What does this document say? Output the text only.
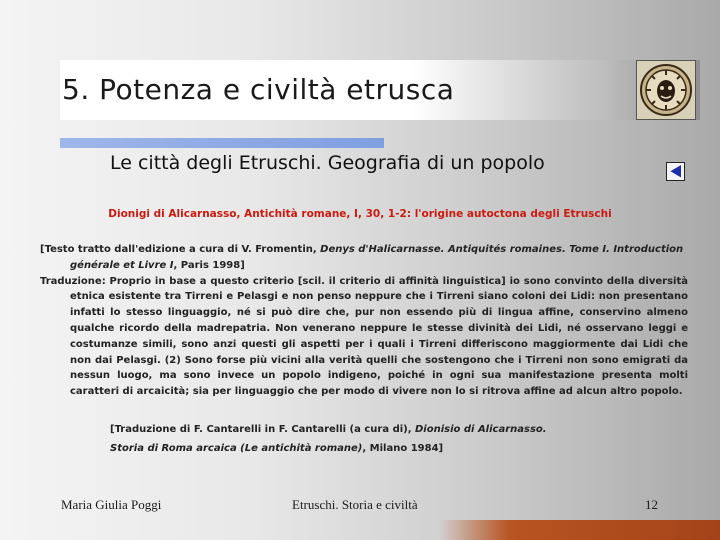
5. Potenza e civiltà etrusca
Le città degli Etruschi. Geografia di un popolo
Dionigi di Alicarnasso, Antichità romane, I, 30, 1-2: l'origine autoctona degli Etruschi

[Testo tratto dall'edizione a cura di V. Fromentin, Denys d'Halicarnasse. Antiquités romaines. Tome I. Introduction générale et Livre I, Paris 1998]

Traduzione: Proprio in base a questo criterio [scil. il criterio di affinità linguistica] io sono convinto della diversità etnica esistente tra Tirreni e Pelasgi e non penso neppure che i Tirreni siano coloni dei Lidi: non presentano infatti lo stesso linguaggio, né si può dire che, pur non essendo più di lingua affine, conservino almeno qualche ricordo della madrepatria. Non venerano neppure le stesse divinità dei Lidi, né osservano leggi e costumanze simili, sono anzi questi gli aspetti per i quali i Tirreni differiscono maggiormente dai Lidi che non dai Pelasgi. (2) Sono forse più vicini alla verità quelli che sostengono che i Tirreni non sono emigrati da nessun luogo, ma sono invece un popolo indigeno, poiché in ogni sua manifestazione presenta molti caratteri di arcaicità; sia per linguaggio che per modo di vivere non lo si ritrova affine ad alcun altro popolo.

[Traduzione di F. Cantarelli in F. Cantarelli (a cura di), Dionisio di Alicarnasso. Storia di Roma arcaica (Le antichità romane), Milano 1984]
Maria Giulia Poggi	Etruschi. Storia e civiltà	12
